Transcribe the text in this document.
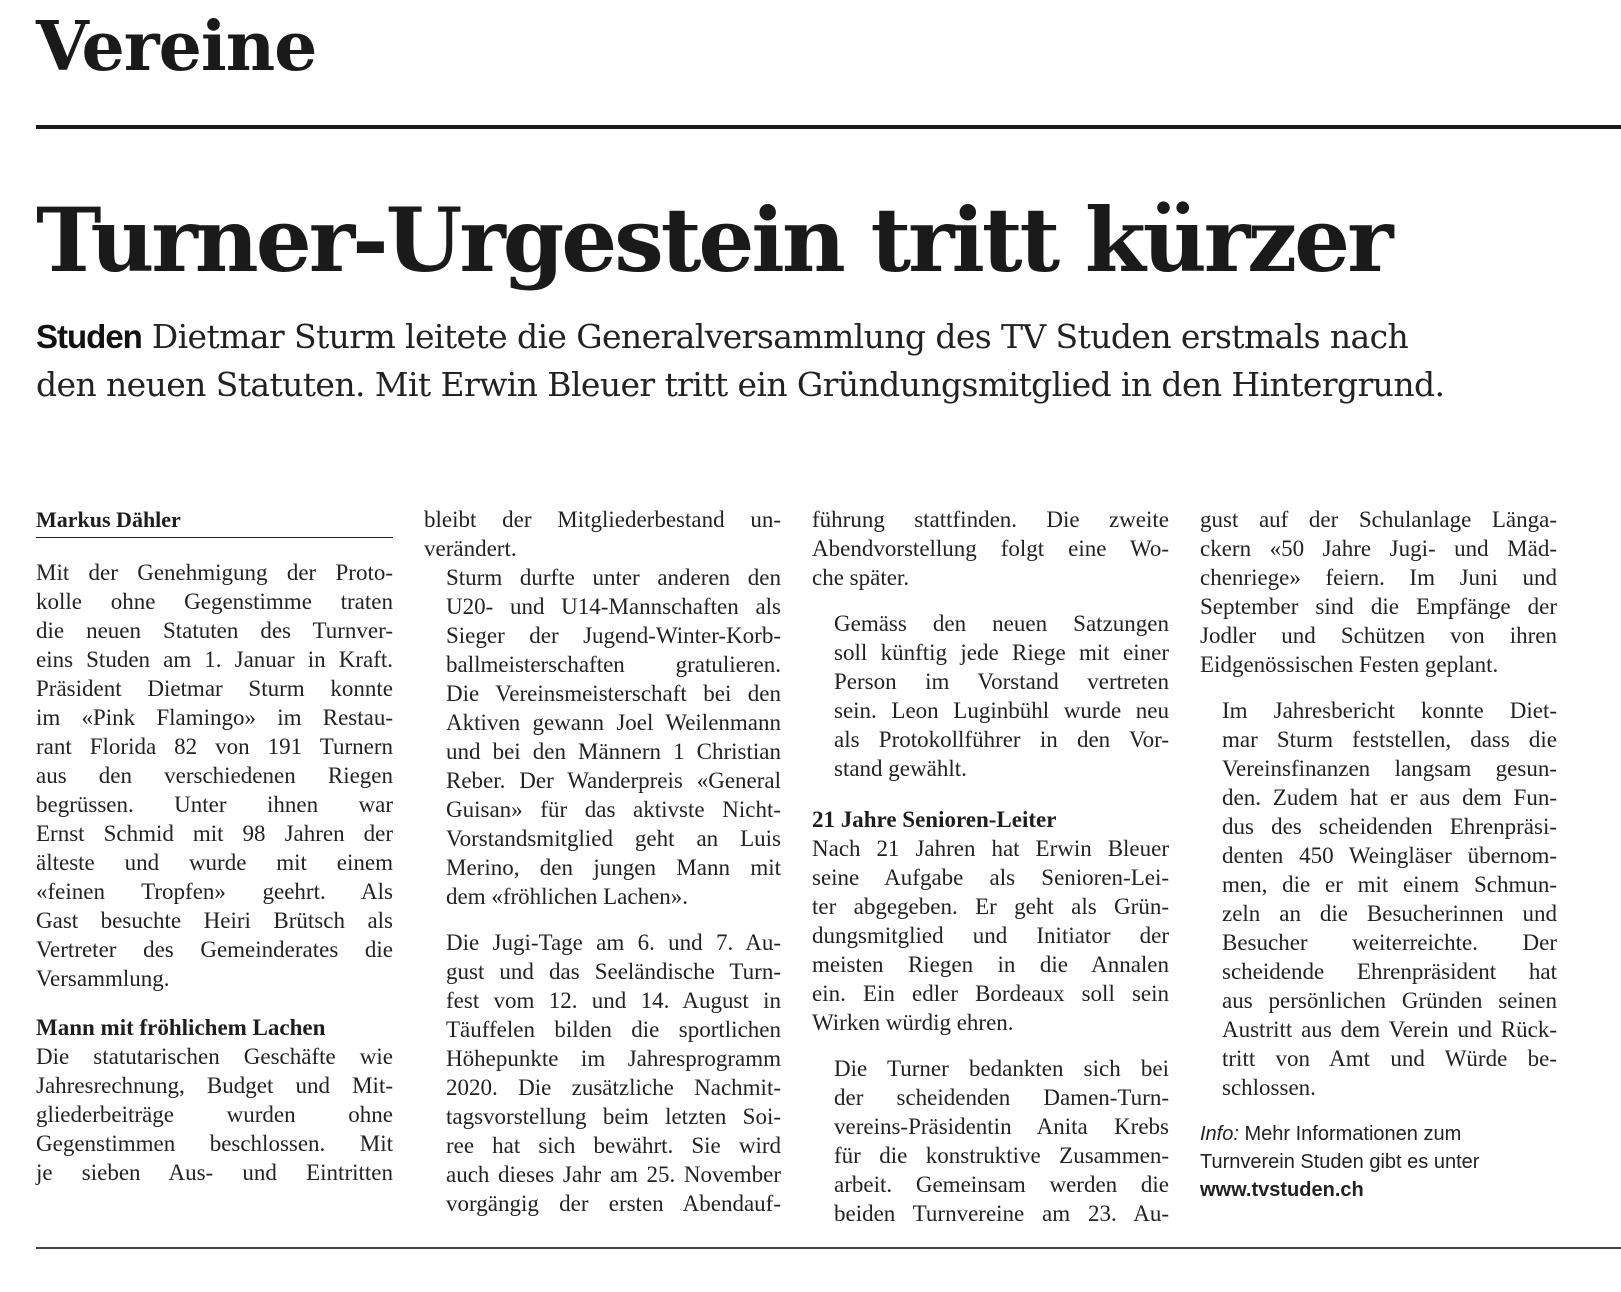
Vereine
Turner-Urgestein tritt kürzer
Studen Dietmar Sturm leitete die Generalversammlung des TV Studen erstmals nach
den neuen Statuten. Mit Erwin Bleuer tritt ein Gründungsmitglied in den Hintergrund.
Markus Dähler

Mit der Genehmigung der Proto-
kolle ohne Gegenstimme traten
die neuen Statuten des Turnver-
eins Studen am 1. Januar in Kraft.
Präsident Dietmar Sturm konnte
im «Pink Flamingo» im Restau-
rant Florida 82 von 191 Turnern
aus den verschiedenen Riegen
begrüssen. Unter ihnen war
Ernst Schmid mit 98 Jahren der
älteste und wurde mit einem
«feinen Tropfen» geehrt. Als
Gast besuchte Heiri Brütsch als
Vertreter des Gemeinderates die
Versammlung.

Mann mit fröhlichem Lachen

Die statutarischen Geschäfte wie
Jahresrechnung, Budget und Mit-
gliederbeiträge wurden ohne
Gegenstimmen beschlossen. Mit
je sieben Aus- und Eintritten

bleibt der Mitgliederbestand un-
verändert.

Sturm durfte unter anderen den
U20- und U14-Mannschaften als
Sieger der Jugend-Winter-Korb-
ballmeisterschaften gratulieren.
Die Vereinsmeisterschaft bei den
Aktiven gewann Joel Weilenmann
und bei den Männern 1 Christian
Reber. Der Wanderpreis «General
Guisan» für das aktivste Nicht-
Vorstandsmitglied geht an Luis
Merino, den jungen Mann mit
dem «fröhlichen Lachen».

Die Jugi-Tage am 6. und 7. Au-
gust und das Seeländische Turn-
fest vom 12. und 14. August in
Täuffelen bilden die sportlichen
Höhepunkte im Jahresprogramm
2020. Die zusätzliche Nachmit-
tagsvorstellung beim letzten Soi-
ree hat sich bewährt. Sie wird
auch dieses Jahr am 25. November
vorgängig der ersten Abendauf-

führung stattfinden. Die zweite
Abendvorstellung folgt eine Wo-
che später.

Gemäss den neuen Satzungen
soll künftig jede Riege mit einer
Person im Vorstand vertreten
sein. Leon Luginbühl wurde neu
als Protokollführer in den Vor-
stand gewählt.

21 Jahre Senioren-Leiter

Nach 21 Jahren hat Erwin Bleuer
seine Aufgabe als Senioren-Lei-
ter abgegeben. Er geht als Grün-
dungsmitglied und Initiator der
meisten Riegen in die Annalen
ein. Ein edler Bordeaux soll sein
Wirken würdig ehren.

Die Turner bedankten sich bei
der scheidenden Damen-Turn-
vereins-Präsidentin Anita Krebs
für die konstruktive Zusammen-
arbeit. Gemeinsam werden die
beiden Turnvereine am 23. Au-

gust auf der Schulanlage Länga-
ckern «50 Jahre Jugi- und Mäd-
chenriege» feiern. Im Juni und
September sind die Empfänge der
Jodler und Schützen von ihren
Eidgenössischen Festen geplant.

Im Jahresbericht konnte Diet-
mar Sturm feststellen, dass die
Vereinsfinanzen langsam gesun-
den. Zudem hat er aus dem Fun-
dus des scheidenden Ehrenpräsi-
denten 450 Weingläser übernom-
men, die er mit einem Schmun-
zeln an die Besucherinnen und
Besucher weiterreichte. Der
scheidende Ehrenpräsident hat
aus persönlichen Gründen seinen
Austritt aus dem Verein und Rück-
tritt von Amt und Würde be-
schlossen.

Info: Mehr Informationen zum
Turnverein Studen gibt es unter
www.tvstuden.ch
